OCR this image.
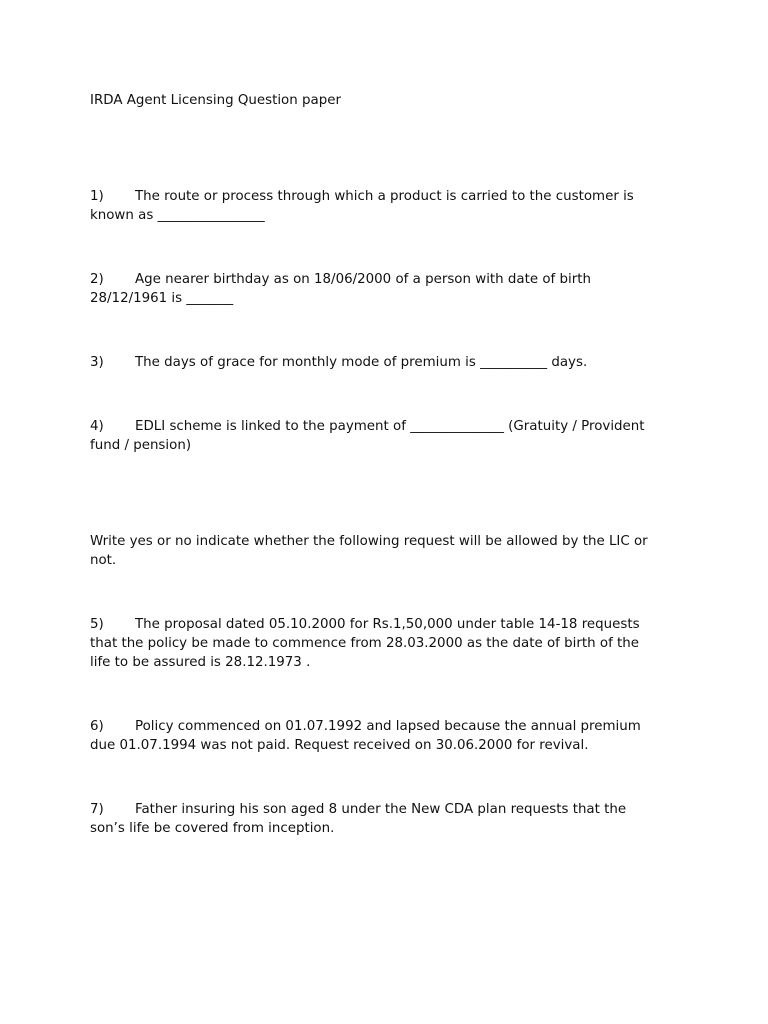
IRDA Agent Licensing Question paper
1) The route or process through which a product is carried to the customer is
known as ________________
2) Age nearer birthday as on 18/06/2000 of a person with date of birth
28/12/1961 is _______
3) The days of grace for monthly mode of premium is __________ days.
4) EDLI scheme is linked to the payment of ______________ (Gratuity / Provident
fund / pension)
Write yes or no indicate whether the following request will be allowed by the LIC or
not.
5) The proposal dated 05.10.2000 for Rs.1,50,000 under table 14-18 requests
that the policy be made to commence from 28.03.2000 as the date of birth of the
life to be assured is 28.12.1973 .
6) Policy commenced on 01.07.1992 and lapsed because the annual premium
due 01.07.1994 was not paid. Request received on 30.06.2000 for revival.
7) Father insuring his son aged 8 under the New CDA plan requests that the
son’s life be covered from inception.
